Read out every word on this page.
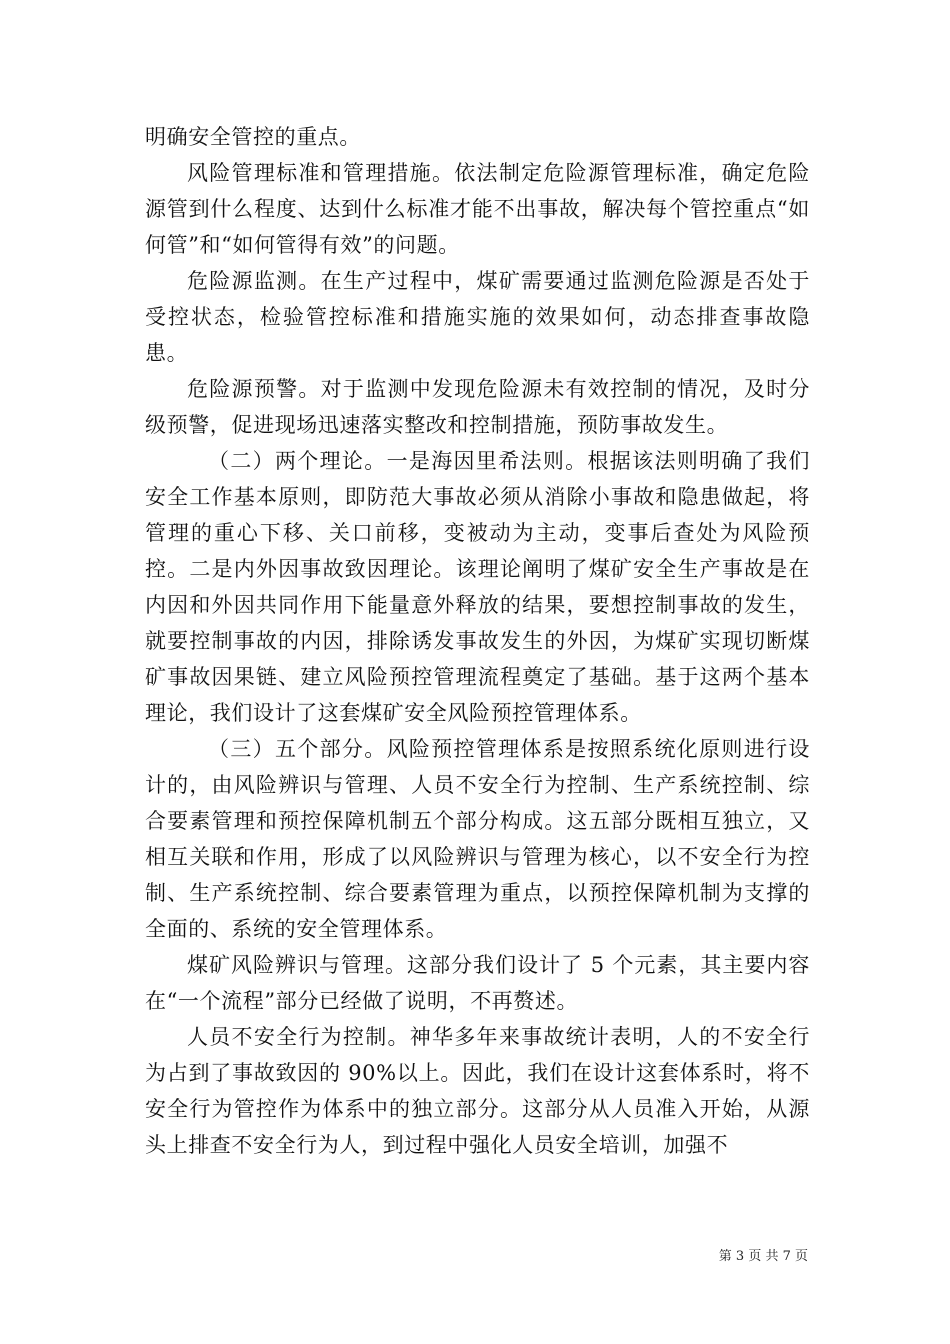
明确安全管控的重点。

风险管理标准和管理措施。依法制定危险源管理标准，确定危险源管到什么程度、达到什么标准才能不出事故，解决每个管控重点“如何管”和“如何管得有效”的问题。

危险源监测。在生产过程中，煤矿需要通过监测危险源是否处于受控状态，检验管控标准和措施实施的效果如何，动态排查事故隐患。

危险源预警。对于监测中发现危险源未有效控制的情况，及时分级预警，促进现场迅速落实整改和控制措施，预防事故发生。

（二）两个理论。一是海因里希法则。根据该法则明确了我们安全工作基本原则，即防范大事故必须从消除小事故和隐患做起，将管理的重心下移、关口前移，变被动为主动，变事后查处为风险预控。二是内外因事故致因理论。该理论阐明了煤矿安全生产事故是在内因和外因共同作用下能量意外释放的结果，要想控制事故的发生，就要控制事故的内因，排除诱发事故发生的外因，为煤矿实现切断煤矿事故因果链、建立风险预控管理流程奠定了基础。基于这两个基本理论，我们设计了这套煤矿安全风险预控管理体系。

（三）五个部分。风险预控管理体系是按照系统化原则进行设计的，由风险辨识与管理、人员不安全行为控制、生产系统控制、综合要素管理和预控保障机制五个部分构成。这五部分既相互独立，又相互关联和作用，形成了以风险辨识与管理为核心，以不安全行为控制、生产系统控制、综合要素管理为重点，以预控保障机制为支撑的全面的、系统的安全管理体系。

煤矿风险辨识与管理。这部分我们设计了 5 个元素，其主要内容在“一个流程”部分已经做了说明，不再赘述。

人员不安全行为控制。神华多年来事故统计表明，人的不安全行为占到了事故致因的 90%以上。因此，我们在设计这套体系时，将不安全行为管控作为体系中的独立部分。这部分从人员准入开始，从源头上排查不安全行为人，到过程中强化人员安全培训，加强不

第 3 页 共 7 页
